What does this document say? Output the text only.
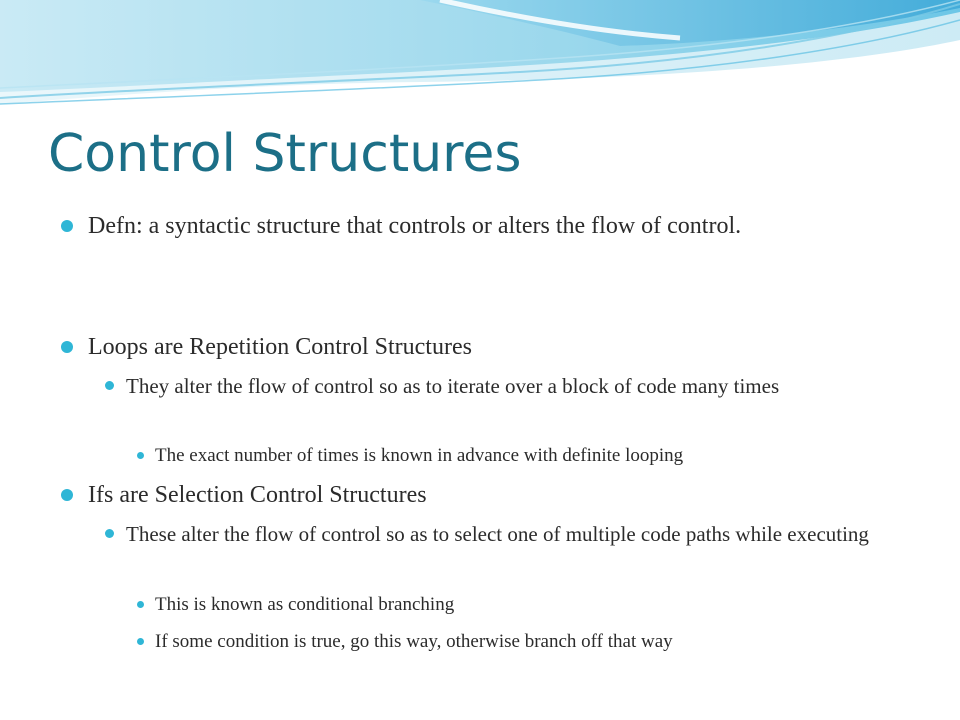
Control Structures
Defn: a syntactic structure that controls or alters the flow of control.
Loops are Repetition Control Structures
They alter the flow of control so as to iterate over a block of code many times
The exact number of times is known in advance with definite looping
Ifs are Selection Control Structures
These alter the flow of control so as to select one of multiple code paths while executing
This is known as conditional branching
If some condition is true, go this way, otherwise branch off that way
